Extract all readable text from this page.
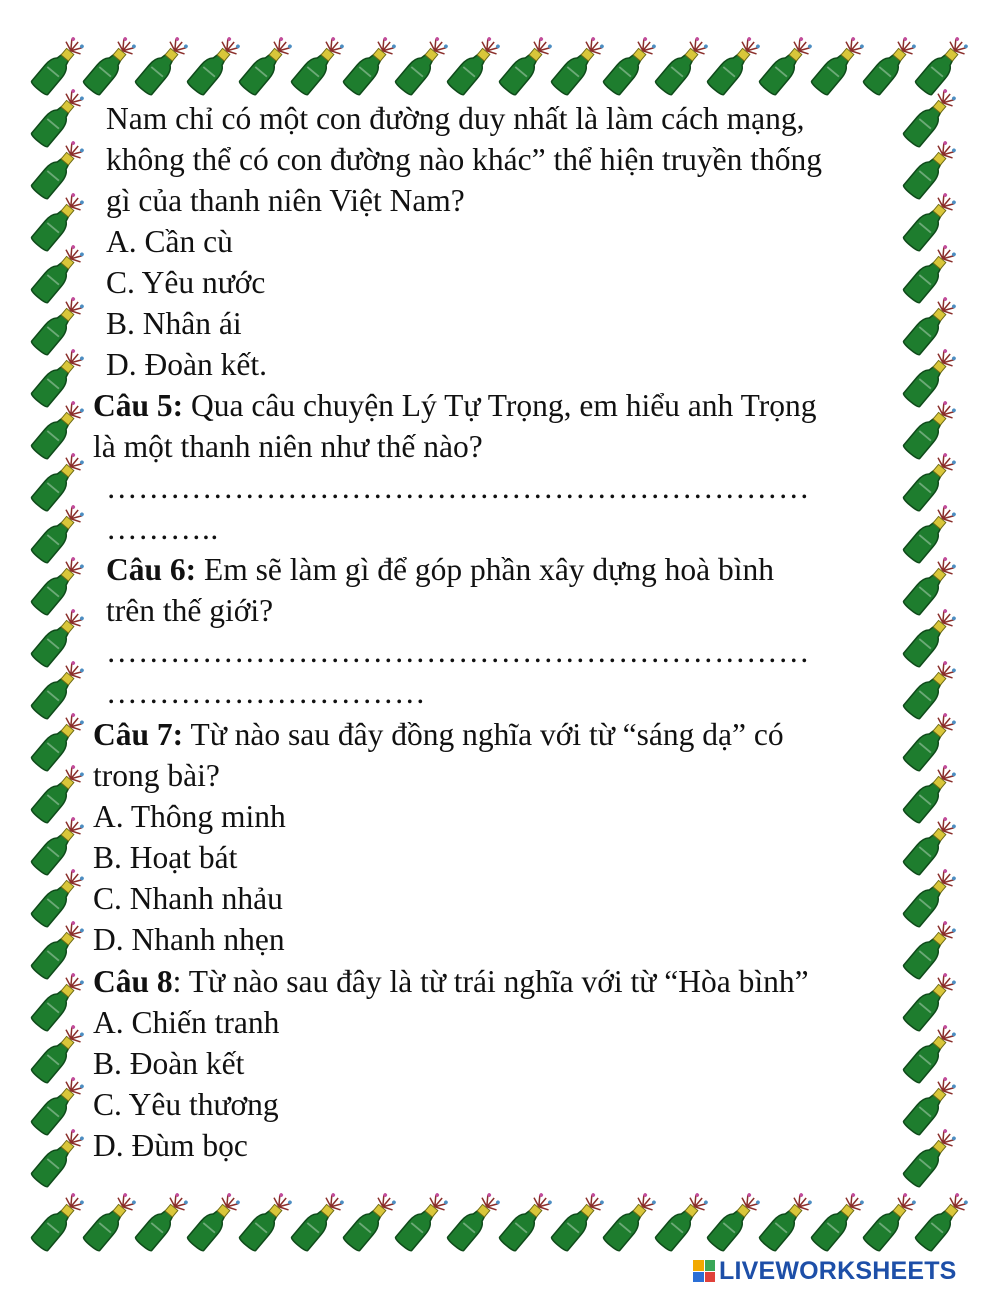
Nam chỉ có một con đường duy nhất là làm cách mạng,
không thể có con đường nào khác” thể hiện truyền thống
gì của thanh niên Việt Nam?
A. Cần cù
C. Yêu nước
B. Nhân ái
D. Đoàn kết.
Câu 5: Qua câu chuyện Lý Tự Trọng, em hiểu anh Trọng
là một thanh niên như thế nào?
…………………………………………………………
………..
Câu 6: Em sẽ làm gì để góp phần xây dựng hoà bình
trên thế giới?
…………………………………………………………
…………………………
Câu 7: Từ nào sau đây đồng nghĩa với từ “sáng dạ” có
trong bài?
A. Thông minh
B. Hoạt bát
C. Nhanh nhảu
D. Nhanh nhẹn
Câu 8: Từ nào sau đây là từ trái nghĩa với từ “Hòa bình”
A. Chiến tranh
B. Đoàn kết
C. Yêu thương
D. Đùm bọc
LIVEWORKSHEETS
